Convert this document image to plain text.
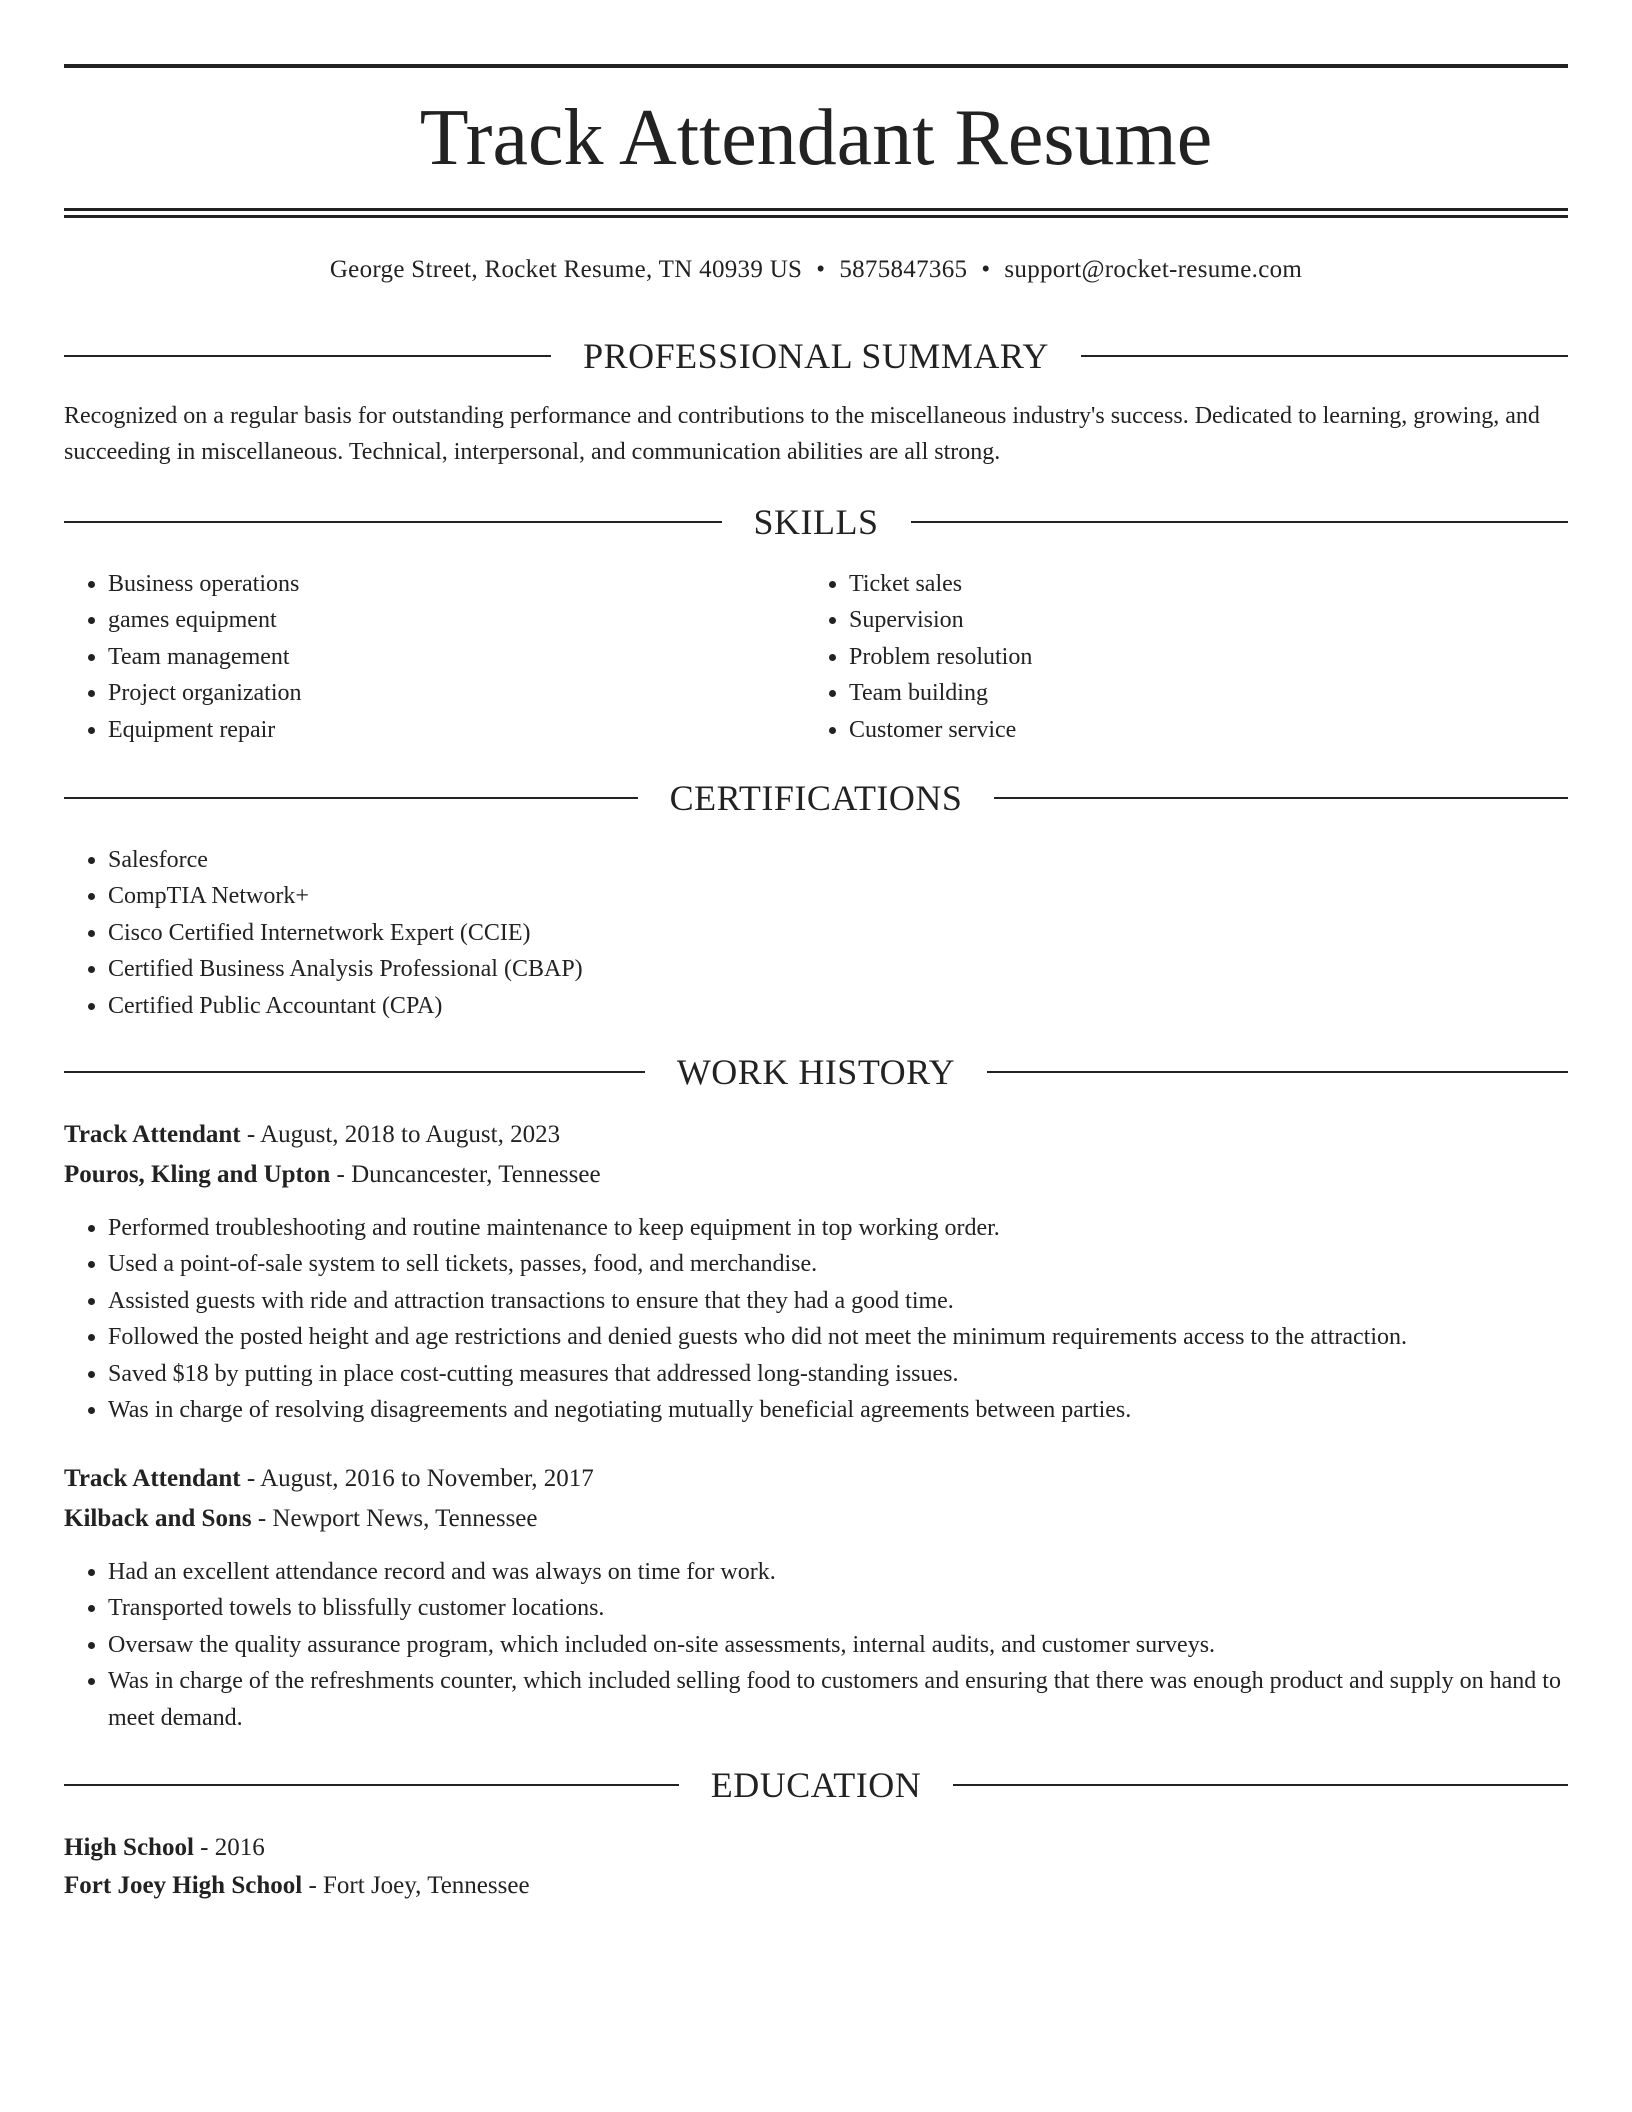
Track Attendant Resume
George Street, Rocket Resume, TN 40939 US • 5875847365 • support@rocket-resume.com
PROFESSIONAL SUMMARY

Recognized on a regular basis for outstanding performance and contributions to the miscellaneous industry's success. Dedicated to learning, growing, and succeeding in miscellaneous. Technical, interpersonal, and communication abilities are all strong.

SKILLS
• Business operations
• games equipment
• Team management
• Project organization
• Equipment repair
• Ticket sales
• Supervision
• Problem resolution
• Team building
• Customer service
CERTIFICATIONS
• Salesforce
• CompTIA Network+
• Cisco Certified Internetwork Expert (CCIE)
• Certified Business Analysis Professional (CBAP)
• Certified Public Accountant (CPA)
WORK HISTORY

Track Attendant - August, 2018 to August, 2023

Pouros, Kling and Upton - Duncancester, Tennessee

• Performed troubleshooting and routine maintenance to keep equipment in top working order.
• Used a point-of-sale system to sell tickets, passes, food, and merchandise.
• Assisted guests with ride and attraction transactions to ensure that they had a good time.
• Followed the posted height and age restrictions and denied guests who did not meet the minimum requirements access to the attraction.
• Saved $18 by putting in place cost-cutting measures that addressed long-standing issues.
• Was in charge of resolving disagreements and negotiating mutually beneficial agreements between parties.

Track Attendant - August, 2016 to November, 2017

Kilback and Sons - Newport News, Tennessee

• Had an excellent attendance record and was always on time for work.
• Transported towels to blissfully customer locations.
• Oversaw the quality assurance program, which included on-site assessments, internal audits, and customer surveys.
• Was in charge of the refreshments counter, which included selling food to customers and ensuring that there was enough product and supply on hand to meet demand.
EDUCATION

High School - 2016

Fort Joey High School - Fort Joey, Tennessee
